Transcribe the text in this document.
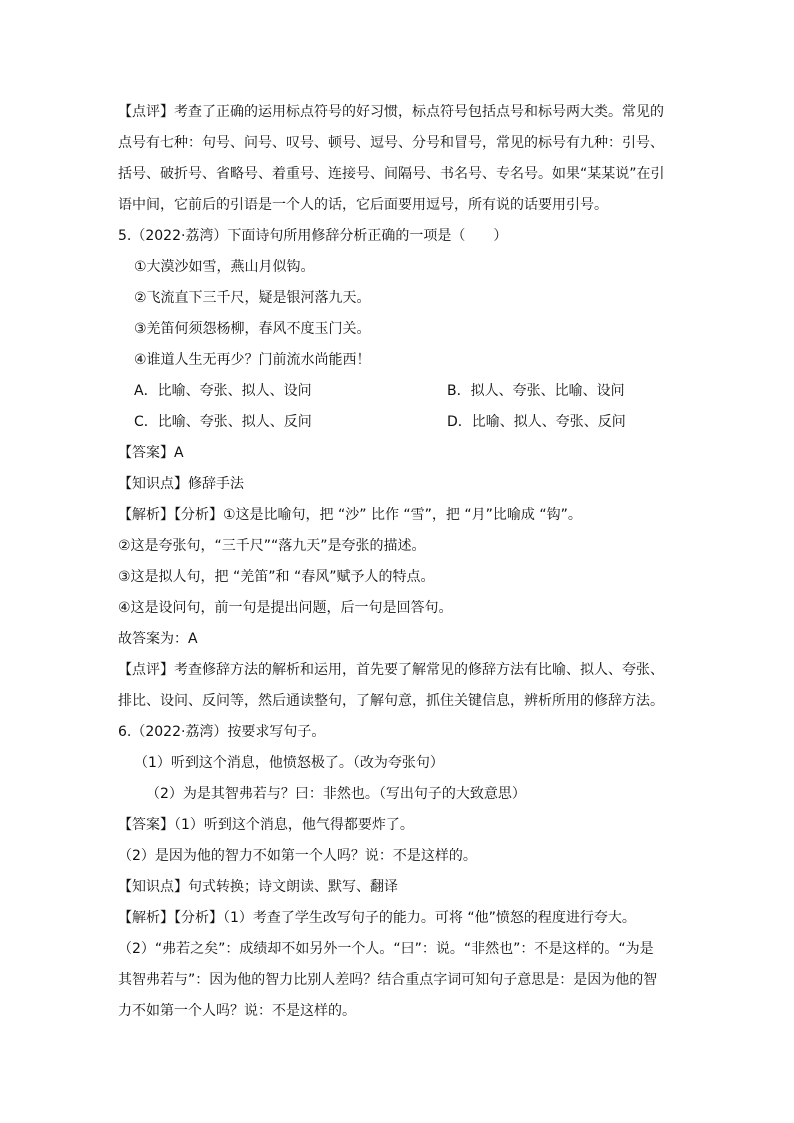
【点评】考查了正确的运用标点符号的好习惯，标点符号包括点号和标号两大类。常见的
点号有七种：句号、问号、叹号、顿号、逗号、分号和冒号，常见的标号有九种：引号、
括号、破折号、省略号、着重号、连接号、间隔号、书名号、专名号。如果“某某说”在引
语中间，它前后的引语是一个人的话，它后面要用逗号，所有说的话要用引号。
5.（2022·荔湾）下面诗句所用修辞分析正确的一项是（　　）
①大漠沙如雪，燕山月似钩。
②飞流直下三千尺，疑是银河落九天。
③羌笛何须怨杨柳，春风不度玉门关。
④谁道人生无再少？门前流水尚能西！
A．比喻、夸张、拟人、设问	B．拟人、夸张、比喻、设问
C．比喻、夸张、拟人、反问	D．比喻、拟人、夸张、反问
【答案】A
【知识点】修辞手法
【解析】【分析】①这是比喻句，把 “沙” 比作 “雪”，把 “月”比喻成 “钩”。
②这是夸张句，“三千尺”“落九天”是夸张的描述。
③这是拟人句，把 “羌笛”和 “春风”赋予人的特点。
④这是设问句，前一句是提出问题，后一句是回答句。
故答案为：A
【点评】考查修辞方法的解析和运用，首先要了解常见的修辞方法有比喻、拟人、夸张、
排比、设问、反问等，然后通读整句，了解句意，抓住关键信息，辨析所用的修辞方法。
6.（2022·荔湾）按要求写句子。
（1）听到这个消息，他愤怒极了。（改为夸张句）
（2）为是其智弗若与？曰：非然也。（写出句子的大致意思）
【答案】（1）听到这个消息，他气得都要炸了。
（2）是因为他的智力不如第一个人吗？说：不是这样的。
【知识点】句式转换；诗文朗读、默写、翻译
【解析】【分析】（1）考查了学生改写句子的能力。可将 “他”愤怒的程度进行夸大。
（2）“弗若之矣”：成绩却不如另外一个人。“曰”：说。“非然也”：不是这样的。“为是
其智弗若与”：因为他的智力比别人差吗？结合重点字词可知句子意思是：是因为他的智
力不如第一个人吗？说：不是这样的。
